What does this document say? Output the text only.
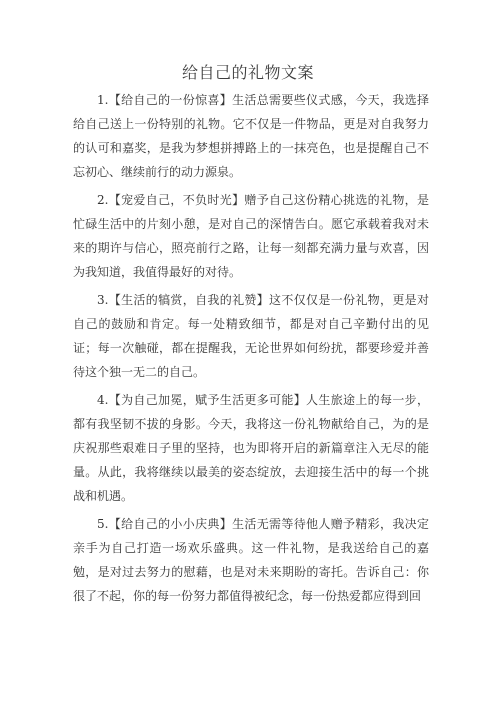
给自己的礼物文案

1.【给自己的一份惊喜】生活总需要些仪式感，今天，我选择给自己送上一份特别的礼物。它不仅是一件物品，更是对自我努力的认可和嘉奖，是我为梦想拼搏路上的一抹亮色，也是提醒自己不忘初心、继续前行的动力源泉。

2.【宠爱自己，不负时光】赠予自己这份精心挑选的礼物，是忙碌生活中的片刻小憩，是对自己的深情告白。愿它承载着我对未来的期许与信心，照亮前行之路，让每一刻都充满力量与欢喜，因为我知道，我值得最好的对待。

3.【生活的犒赏，自我的礼赞】这不仅仅是一份礼物，更是对自己的鼓励和肯定。每一处精致细节，都是对自己辛勤付出的见证；每一次触碰，都在提醒我，无论世界如何纷扰，都要珍爱并善待这个独一无二的自己。

4.【为自己加冕，赋予生活更多可能】人生旅途上的每一步，都有我坚韧不拔的身影。今天，我将这一份礼物献给自己，为的是庆祝那些艰难日子里的坚持，也为即将开启的新篇章注入无尽的能量。从此，我将继续以最美的姿态绽放，去迎接生活中的每一个挑战和机遇。

5.【给自己的小小庆典】生活无需等待他人赠予精彩，我决定亲手为自己打造一场欢乐盛典。这一件礼物，是我送给自己的嘉勉，是对过去努力的慰藉，也是对未来期盼的寄托。告诉自己：你很了不起，你的每一份努力都值得被纪念，每一份热爱都应得到回
